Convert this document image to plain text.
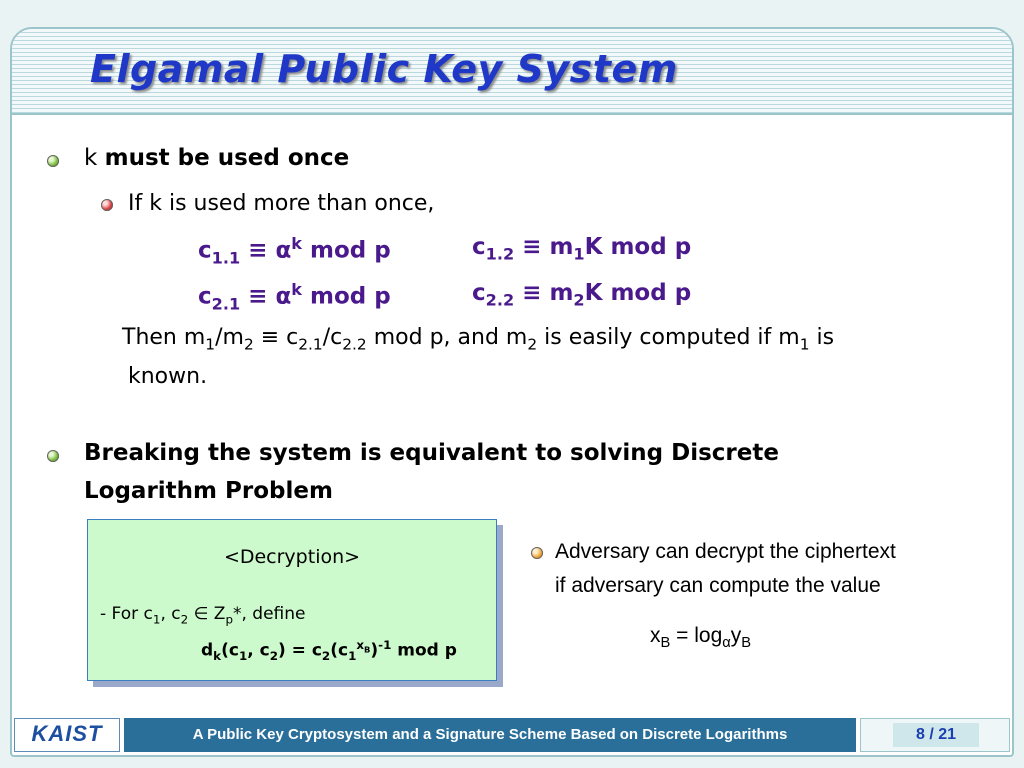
Elgamal Public Key System
k must be used once
If k is used more than once,
$c_{1.1} \equiv \alpha^k$ mod p	$c_{1.2} \equiv m_1K$ mod p
$c_{2.1} \equiv \alpha^k$ mod p	$c_{2.2} \equiv m_2K$ mod p
Then $m_1/m_2 \equiv c_{2.1}/c_{2.2}$ mod p, and $m_2$ is easily computed if $m_1$ is
known.
Breaking the system is equivalent to solving Discrete
Logarithm Problem
<Decryption>
- For $c_1$, $c_2$ ∈ $Z_p*$, define
$d_k(c_1$, $c_2) = c_2(c_1^{x_B})^{-1}$ mod p
Adversary can decrypt the ciphertext
if adversary can compute the value
$x_B = \log_\alpha y_B$
KAIST	A Public Key Cryptosystem and a Signature Scheme Based on Discrete Logarithms	8 / 21
